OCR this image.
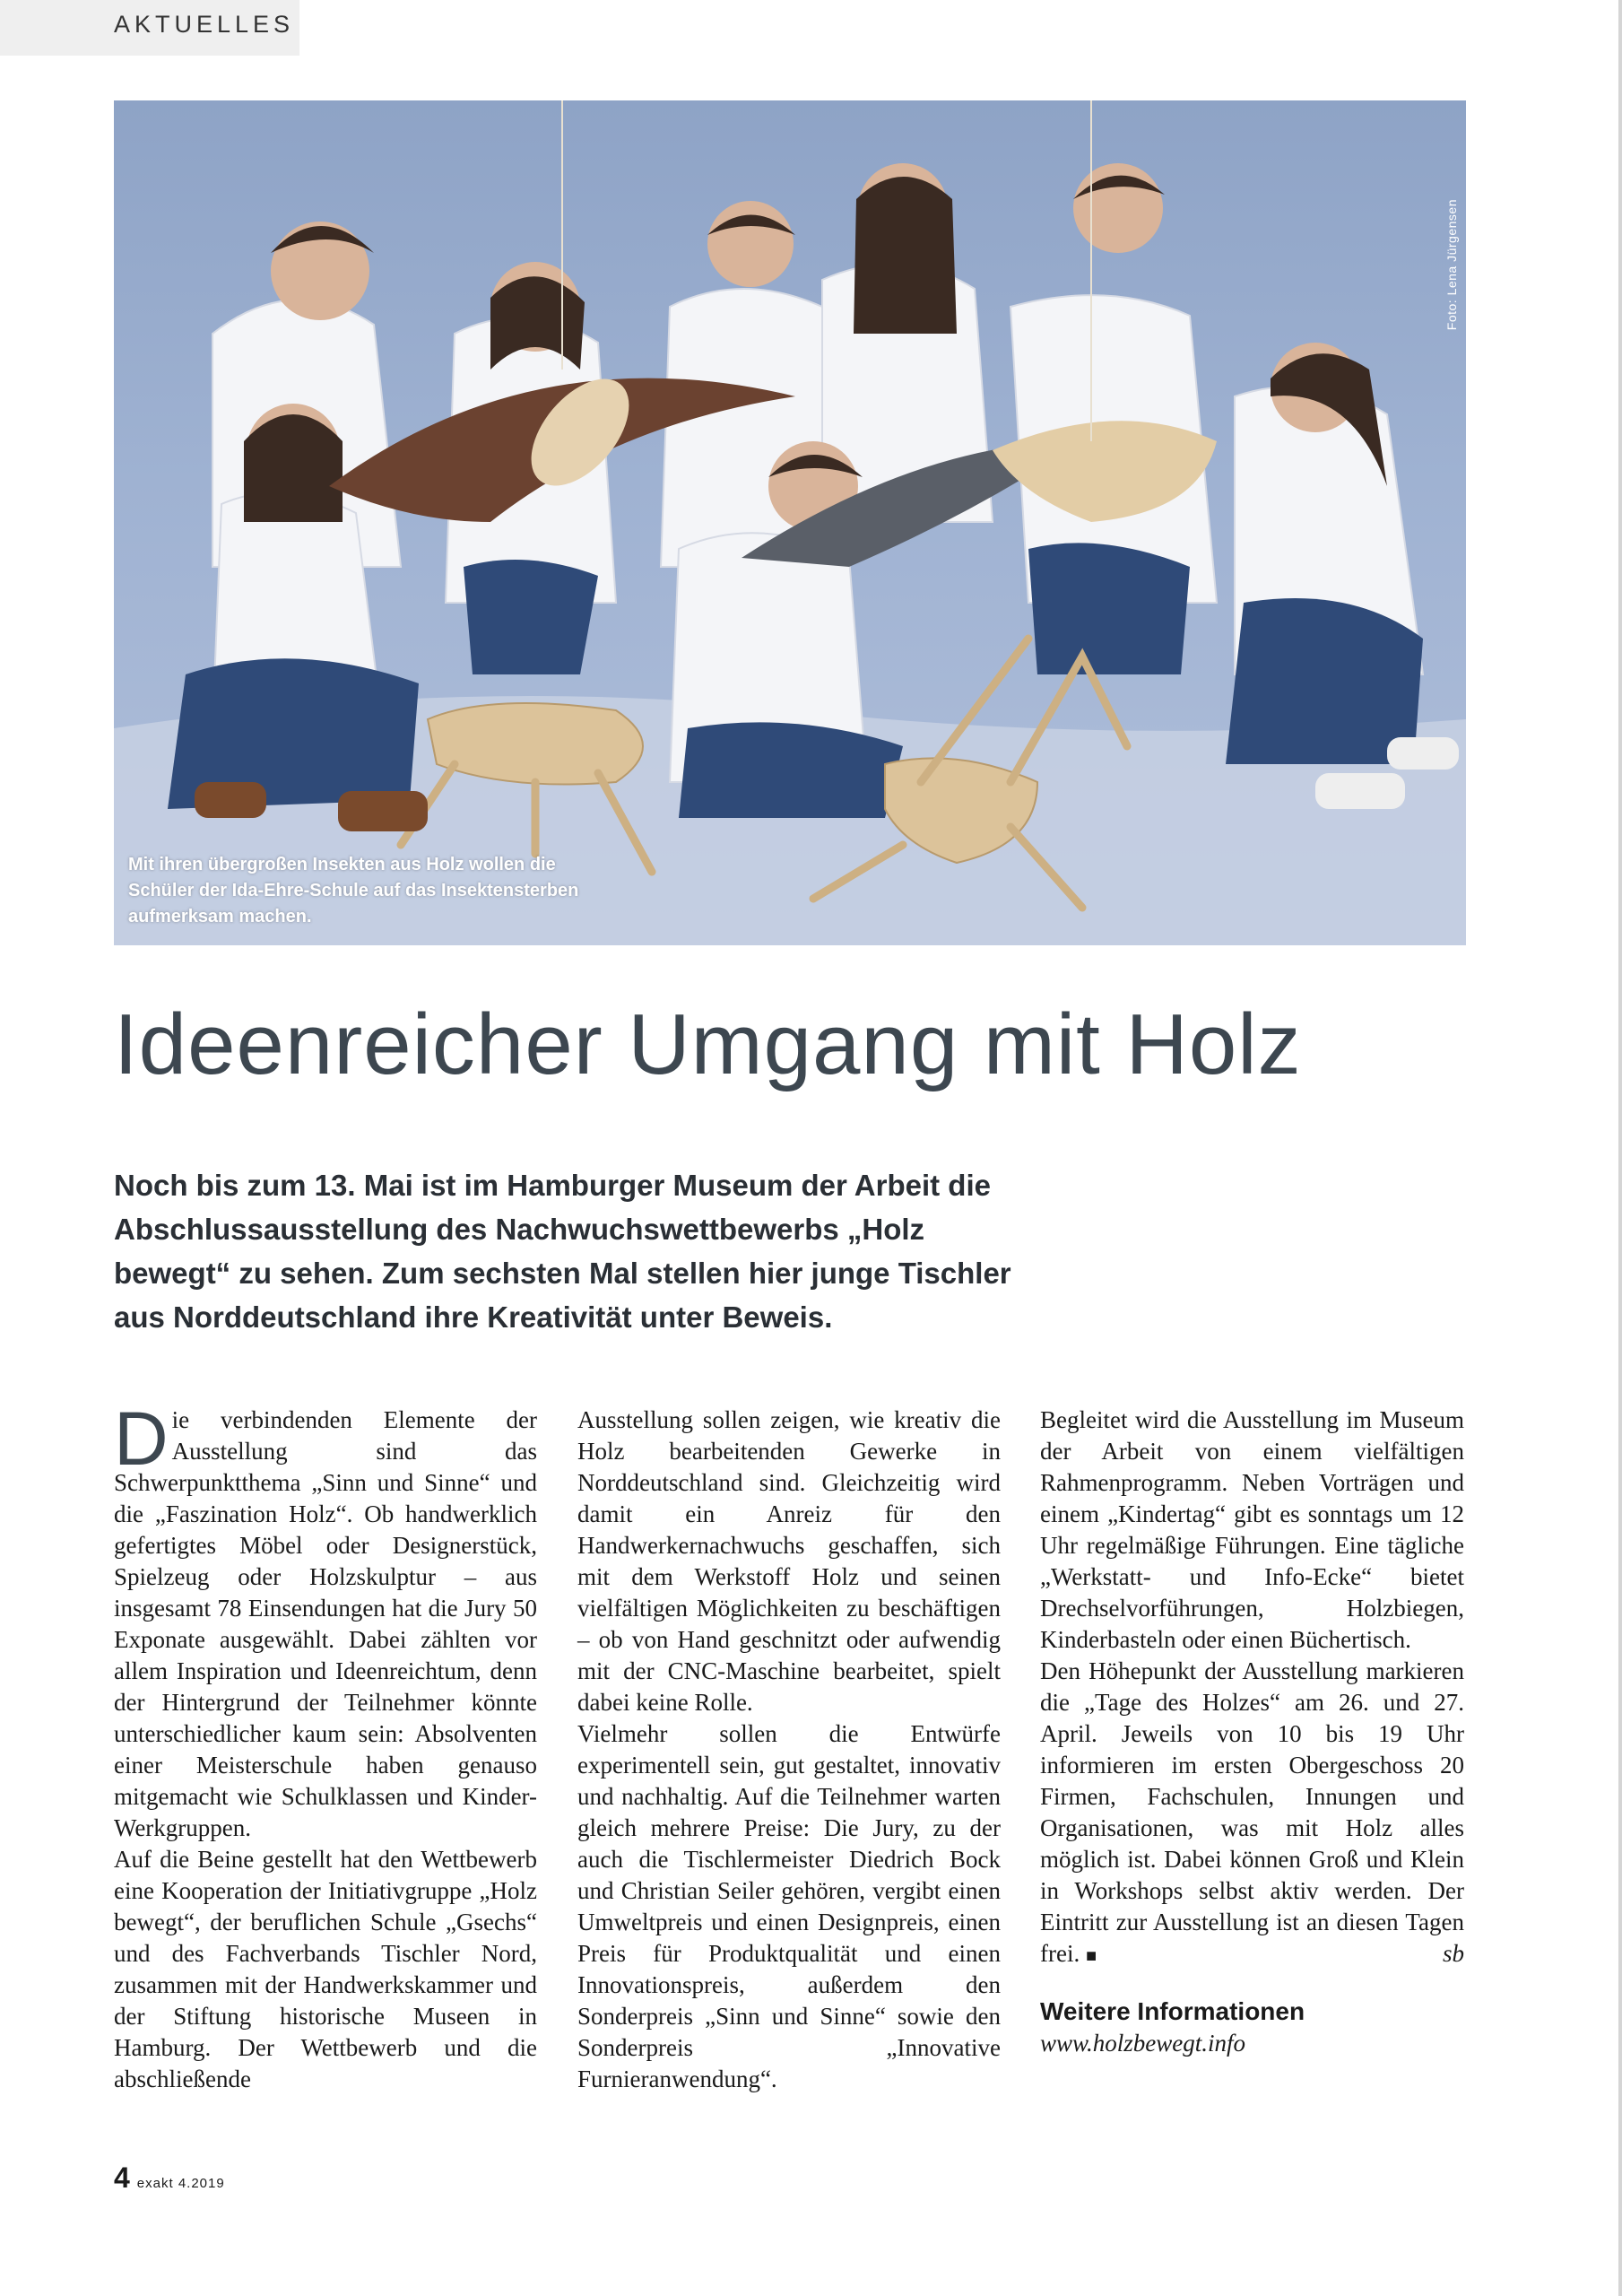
AKTUELLES
Foto: Lena Jürgensen
Mit ihren übergroßen Insekten aus Holz wollen die Schüler der Ida-Ehre-Schule auf das Insektensterben aufmerksam machen.
Ideenreicher Umgang mit Holz

Noch bis zum 13. Mai ist im Hamburger Museum der Arbeit die Abschlussausstellung des Nachwuchswettbewerbs „Holz bewegt“ zu sehen. Zum sechsten Mal stellen hier junge Tischler aus Norddeutschland ihre Kreativität unter Beweis.

Die verbindenden Elemente der Ausstellung sind das Schwerpunktthema „Sinn und Sinne“ und die „Faszination Holz“. Ob handwerklich gefertigtes Möbel oder Designerstück, Spielzeug oder Holzskulptur – aus insgesamt 78 Einsendungen hat die Jury 50 Exponate ausgewählt. Dabei zählten vor allem Inspiration und Ideenreichtum, denn der Hintergrund der Teilnehmer könnte unterschiedlicher kaum sein: Absolventen einer Meisterschule haben genauso mitgemacht wie Schulklassen und Kinder-Werkgruppen.

Auf die Beine gestellt hat den Wettbewerb eine Kooperation der Initiativgruppe „Holz bewegt“, der beruflichen Schule „Gsechs“ und des Fachverbands Tischler Nord, zusammen mit der Handwerkskammer und der Stiftung historische Museen in Hamburg. Der Wettbewerb und die abschließende

Ausstellung sollen zeigen, wie kreativ die Holz bearbeitenden Gewerke in Norddeutschland sind. Gleichzeitig wird damit ein Anreiz für den Handwerkernachwuchs geschaffen, sich mit dem Werkstoff Holz und seinen vielfältigen Möglichkeiten zu beschäftigen – ob von Hand geschnitzt oder aufwendig mit der CNC-Maschine bearbeitet, spielt dabei keine Rolle.

Vielmehr sollen die Entwürfe experimentell sein, gut gestaltet, innovativ und nachhaltig. Auf die Teilnehmer warten gleich mehrere Preise: Die Jury, zu der auch die Tischlermeister Diedrich Bock und Christian Seiler gehören, vergibt einen Umweltpreis und einen Designpreis, einen Preis für Produktqualität und einen Innovationspreis, außerdem den Sonderpreis „Sinn und Sinne“ sowie den Sonderpreis „Innovative Furnieranwendung“.

Begleitet wird die Ausstellung im Museum der Arbeit von einem vielfältigen Rahmenprogramm. Neben Vorträgen und einem „Kindertag“ gibt es sonntags um 12 Uhr regelmäßige Führungen. Eine tägliche „Werkstatt- und Info-Ecke“ bietet Drechselvorführungen, Holzbiegen, Kinderbasteln oder einen Büchertisch.

Den Höhepunkt der Ausstellung markieren die „Tage des Holzes“ am 26. und 27. April. Jeweils von 10 bis 19 Uhr informieren im ersten Obergeschoss 20 Firmen, Fachschulen, Innungen und Organisationen, was mit Holz alles möglich ist. Dabei können Groß und Klein in Workshops selbst aktiv werden. Der Eintritt zur Ausstellung ist an diesen Tagen frei. ■	sb

Weitere Informationen
www.holzbewegt.info
4 exakt 4.2019
